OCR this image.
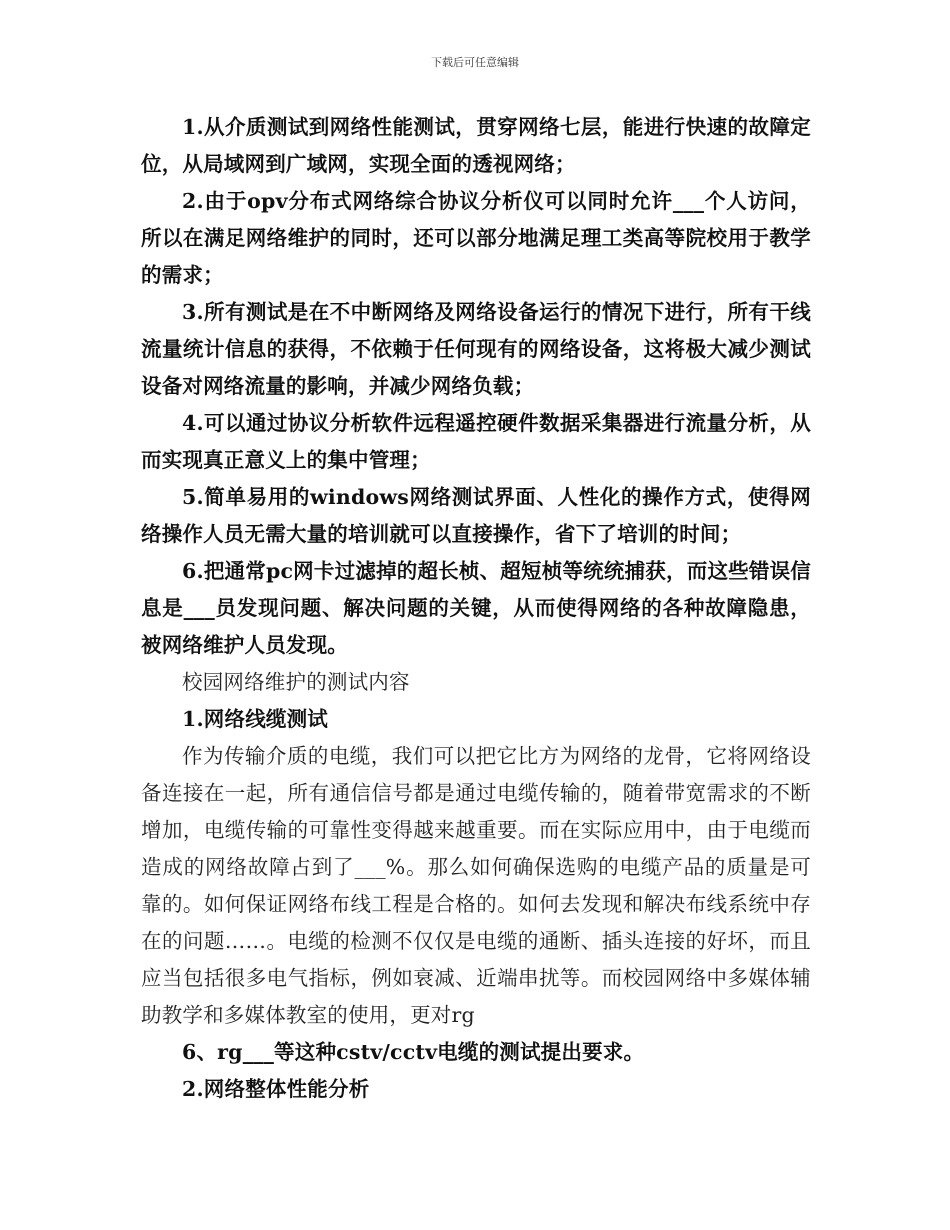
下载后可任意编辑

1.从介质测试到网络性能测试，贯穿网络七层，能进行快速的故障定位，从局域网到广域网，实现全面的透视网络；

2.由于opv分布式网络综合协议分析仪可以同时允许___个人访问，所以在满足网络维护的同时，还可以部分地满足理工类高等院校用于教学的需求；

3.所有测试是在不中断网络及网络设备运行的情况下进行，所有干线流量统计信息的获得，不依赖于任何现有的网络设备，这将极大减少测试设备对网络流量的影响，并减少网络负载；

4.可以通过协议分析软件远程遥控硬件数据采集器进行流量分析，从而实现真正意义上的集中管理；

5.简单易用的windows网络测试界面、人性化的操作方式，使得网络操作人员无需大量的培训就可以直接操作，省下了培训的时间；

6.把通常pc网卡过滤掉的超长桢、超短桢等统统捕获，而这些错误信息是___员发现问题、解决问题的关键，从而使得网络的各种故障隐患，被网络维护人员发现。

校园网络维护的测试内容

1.网络线缆测试

作为传输介质的电缆，我们可以把它比方为网络的龙骨，它将网络设备连接在一起，所有通信信号都是通过电缆传输的，随着带宽需求的不断增加，电缆传输的可靠性变得越来越重要。而在实际应用中，由于电缆而造成的网络故障占到了___%。那么如何确保选购的电缆产品的质量是可靠的。如何保证网络布线工程是合格的。如何去发现和解决布线系统中存在的问题……。电缆的检测不仅仅是电缆的通断、插头连接的好坏，而且应当包括很多电气指标，例如衰减、近端串扰等。而校园网络中多媒体辅助教学和多媒体教室的使用，更对rg

6、rg___等这种cstv/cctv电缆的测试提出要求。

2.网络整体性能分析
